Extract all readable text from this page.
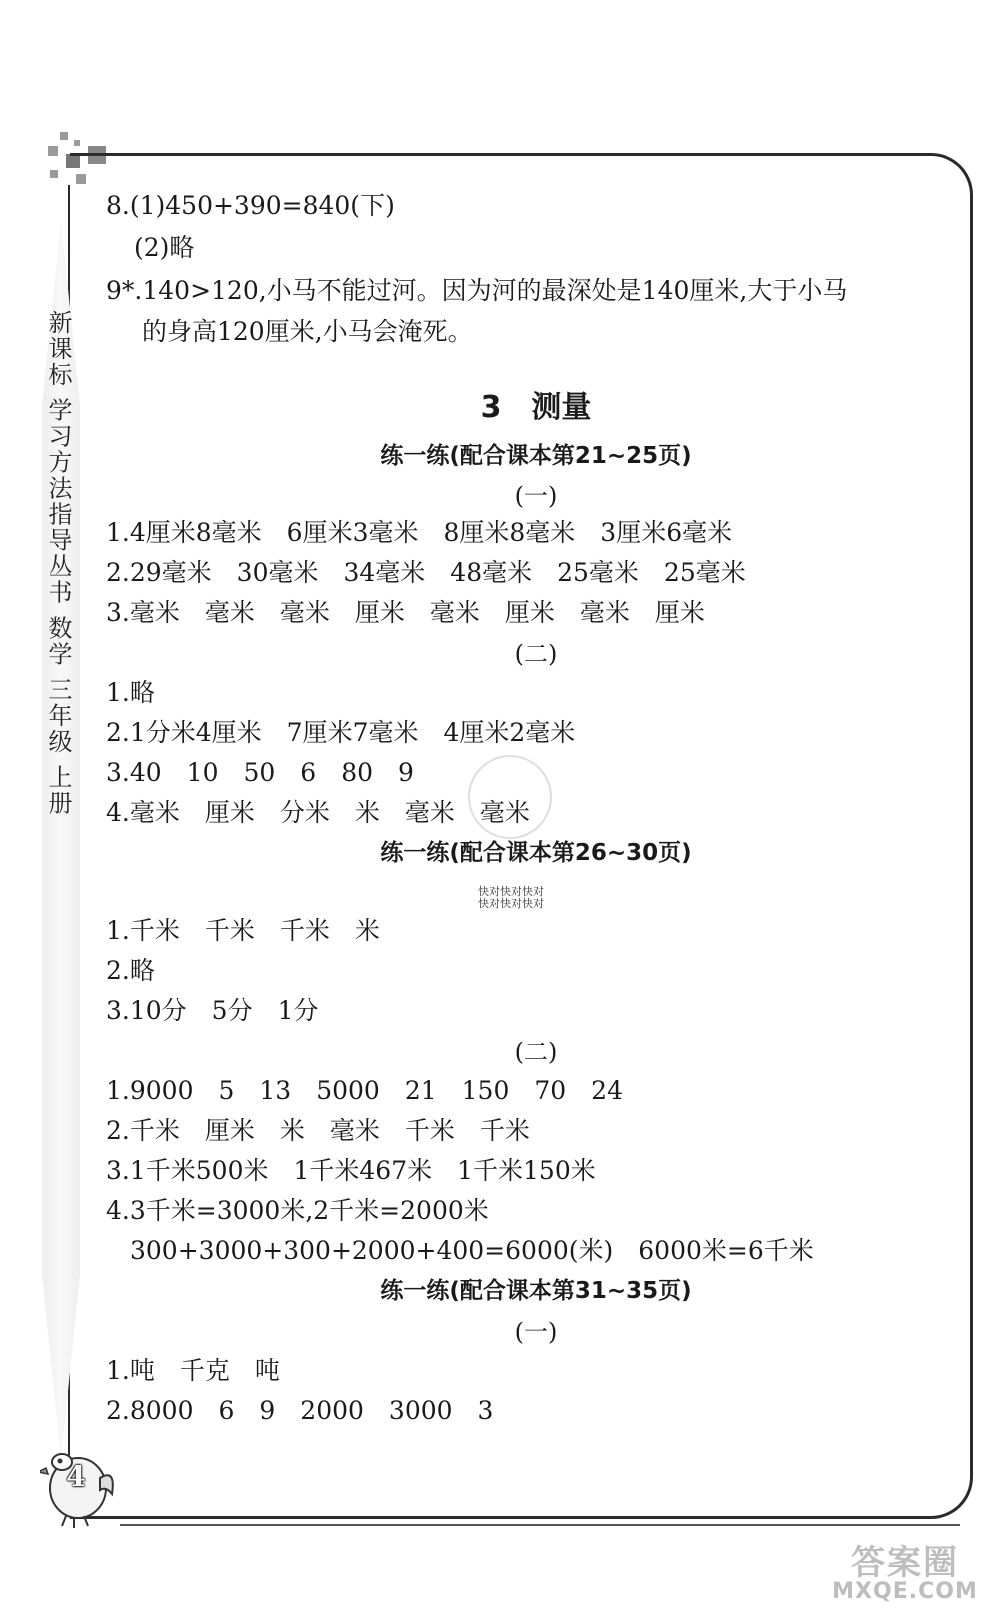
新课标 学习方法指导丛书 数学 三年级 上册
8.(1)450+390=840(下)
(2)略
9*.140>120,小马不能过河。因为河的最深处是140厘米,大于小马
的身高120厘米,小马会淹死。
3　测量
练一练(配合课本第21~25页)
(一)
1.4厘米8毫米　6厘米3毫米　8厘米8毫米　3厘米6毫米
2.29毫米　30毫米　34毫米　48毫米　25毫米　25毫米
3.毫米　毫米　毫米　厘米　毫米　厘米　毫米　厘米
(二)
1.略
2.1分米4厘米　7厘米7毫米　4厘米2毫米
3.40　10　50　6　80　9
4.毫米　厘米　分米　米　毫米　毫米
练一练(配合课本第26~30页)
1.千米　千米　千米　米
2.略
3.10分　5分　1分
(二)
1.9000　5　13　5000　21　150　70　24
2.千米　厘米　米　毫米　千米　千米
3.1千米500米　1千米467米　1千米150米
4.3千米=3000米,2千米=2000米
300+3000+300+2000+400=6000(米)　6000米=6千米
练一练(配合课本第31~35页)
(一)
1.吨　千克　吨
2.8000　6　9　2000　3000　3
快对快对快对
快对快对快对
4
答案圈
MXQE.COM
